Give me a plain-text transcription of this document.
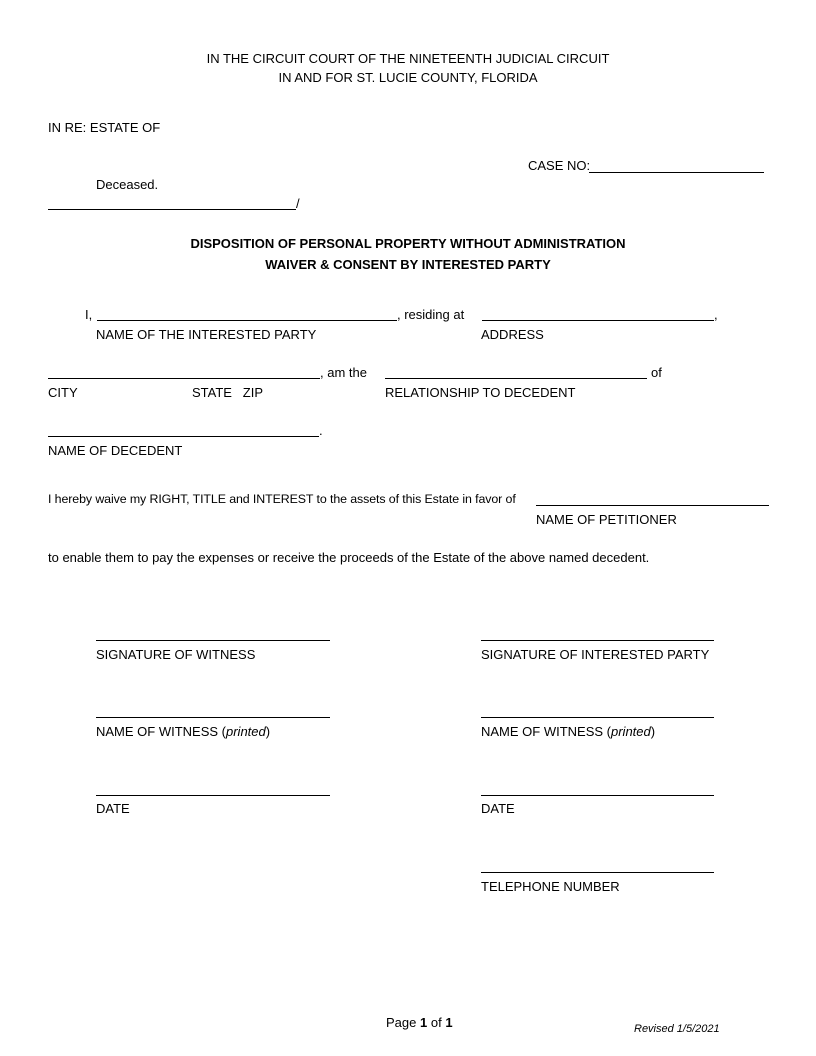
IN THE CIRCUIT COURT OF THE NINETEENTH JUDICIAL CIRCUIT
IN AND FOR ST. LUCIE COUNTY, FLORIDA
IN RE: ESTATE OF
CASE NO:
Deceased.
/
DISPOSITION OF PERSONAL PROPERTY WITHOUT ADMINISTRATION
WAIVER & CONSENT BY INTERESTED PARTY
I,	, residing at	,
NAME OF THE INTERESTED PARTY	ADDRESS
, am the	of
CITY	STATE   ZIP	RELATIONSHIP TO DECEDENT
.
NAME OF DECEDENT
I hereby waive my RIGHT, TITLE and INTEREST to the assets of this Estate in favor of
NAME OF PETITIONER
to enable them to pay the expenses or receive the proceeds of the Estate of the above named decedent.
SIGNATURE OF WITNESS	SIGNATURE OF INTERESTED PARTY
NAME OF WITNESS (printed)	NAME OF WITNESS (printed)
DATE	DATE
TELEPHONE NUMBER
Page 1 of 1	Revised 1/5/2021
